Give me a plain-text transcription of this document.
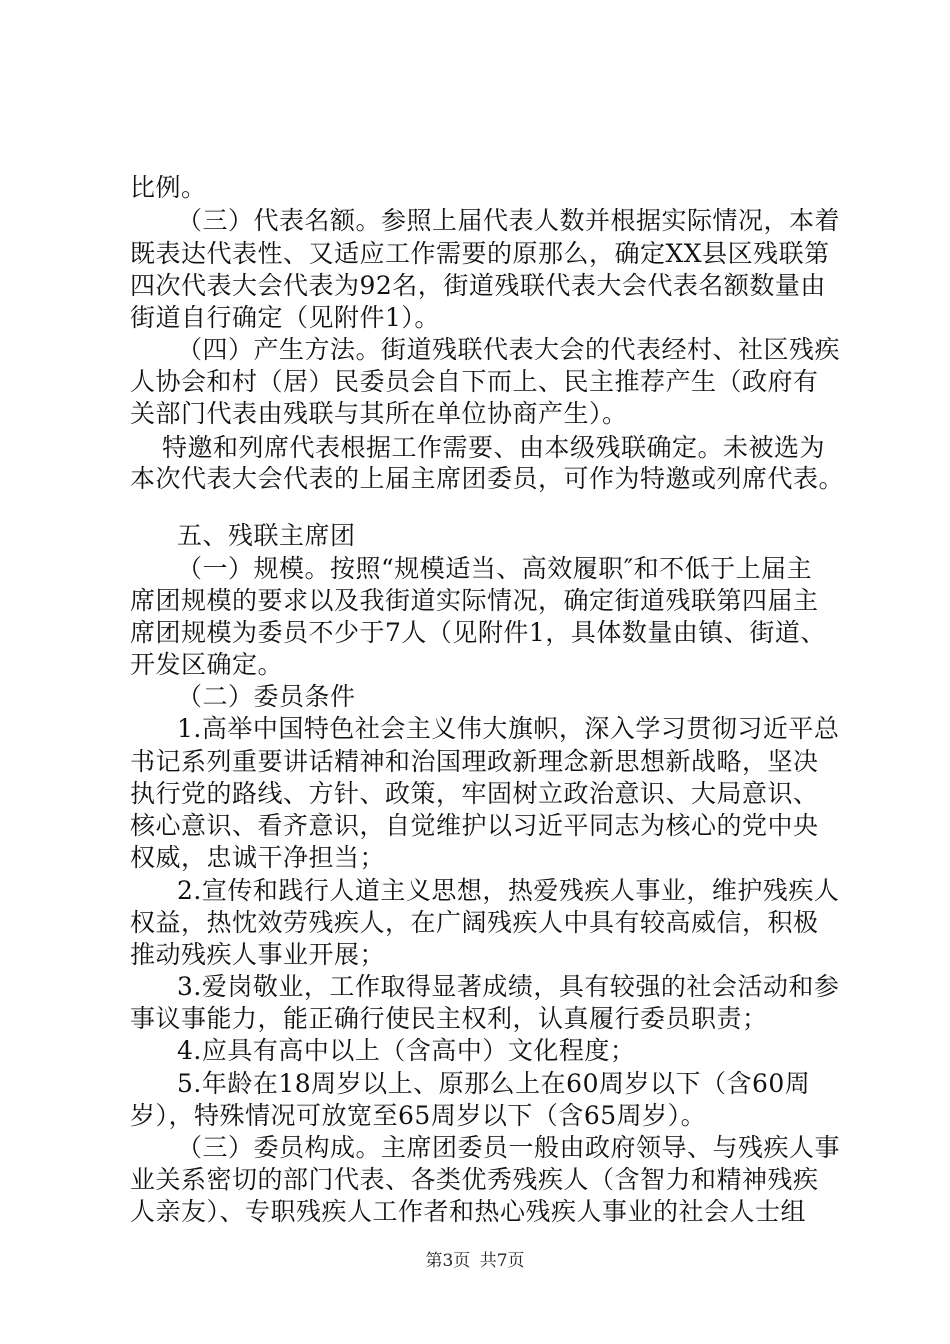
比例。
（三）代表名额。参照上届代表人数并根据实际情况，本着
既表达代表性、又适应工作需要的原那么，确定XX县区残联第
四次代表大会代表为92名，街道残联代表大会代表名额数量由
街道自行确定（见附件1）。
（四）产生方法。街道残联代表大会的代表经村、社区残疾
人协会和村（居）民委员会自下而上、民主推荐产生（政府有
关部门代表由残联与其所在单位协商产生）。
特邀和列席代表根据工作需要、由本级残联确定。未被选为
本次代表大会代表的上届主席团委员，可作为特邀或列席代表。
五、残联主席团
（一）规模。按照“规模适当、高效履职″和不低于上届主
席团规模的要求以及我街道实际情况，确定街道残联第四届主
席团规模为委员不少于7人（见附件1，具体数量由镇、街道、
开发区确定。
（二）委员条件
1.高举中国特色社会主义伟大旗帜，深入学习贯彻习近平总
书记系列重要讲话精神和治国理政新理念新思想新战略，坚决
执行党的路线、方针、政策，牢固树立政治意识、大局意识、
核心意识、看齐意识，自觉维护以习近平同志为核心的党中央
权威，忠诚干净担当；
2.宣传和践行人道主义思想，热爱残疾人事业，维护残疾人
权益，热忱效劳残疾人，在广阔残疾人中具有较高威信，积极
推动残疾人事业开展；
3.爱岗敬业，工作取得显著成绩，具有较强的社会活动和参
事议事能力，能正确行使民主权利，认真履行委员职责；
4.应具有高中以上（含高中）文化程度；
5.年龄在18周岁以上、原那么上在60周岁以下（含60周
岁），特殊情况可放宽至65周岁以下（含65周岁）。
（三）委员构成。主席团委员一般由政府领导、与残疾人事
业关系密切的部门代表、各类优秀残疾人（含智力和精神残疾
人亲友）、专职残疾人工作者和热心残疾人事业的社会人士组
第3页 共7页
